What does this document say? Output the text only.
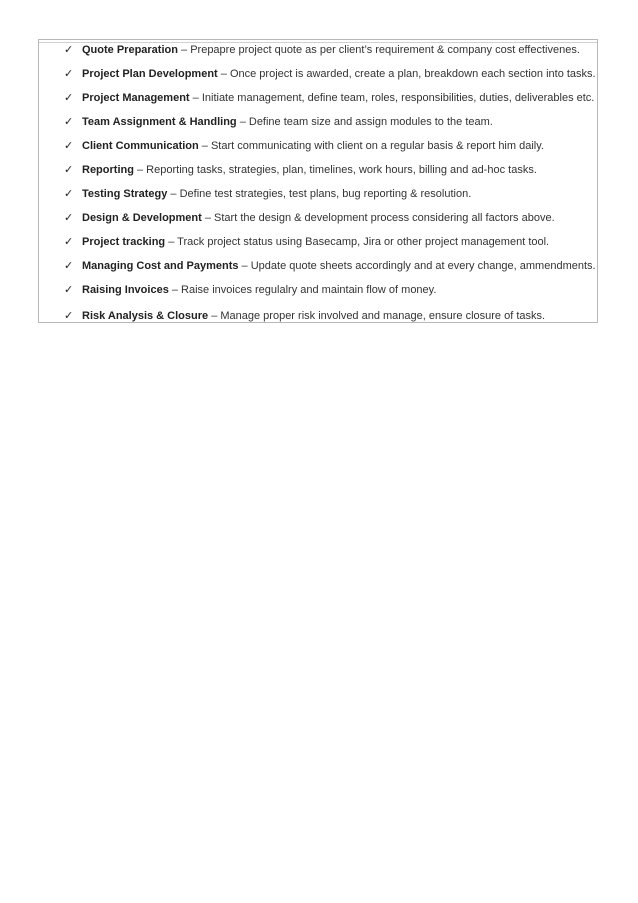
✓ Quote Preparation – Prepapre project quote as per client’s requirement & company cost effectivenes.
✓ Project Plan Development – Once project is awarded, create a plan, breakdown each section into tasks.
✓ Project Management – Initiate management, define team, roles, responsibilities, duties, deliverables etc.
✓ Team Assignment & Handling – Define team size and assign modules to the team.
✓ Client Communication – Start communicating with client on a regular basis & report him daily.
✓ Reporting – Reporting tasks, strategies, plan, timelines, work hours, billing and ad-hoc tasks.
✓ Testing Strategy – Define test strategies, test plans, bug reporting & resolution.
✓ Design & Development – Start the design & development process considering all factors above.
✓ Project tracking – Track project status using Basecamp, Jira or other project management tool.
✓ Managing Cost and Payments – Update quote sheets accordingly and at every change, ammendments.
✓ Raising Invoices – Raise invoices regulalry and maintain flow of money.
✓ Risk Analysis & Closure – Manage proper risk involved and manage, ensure closure of tasks.
